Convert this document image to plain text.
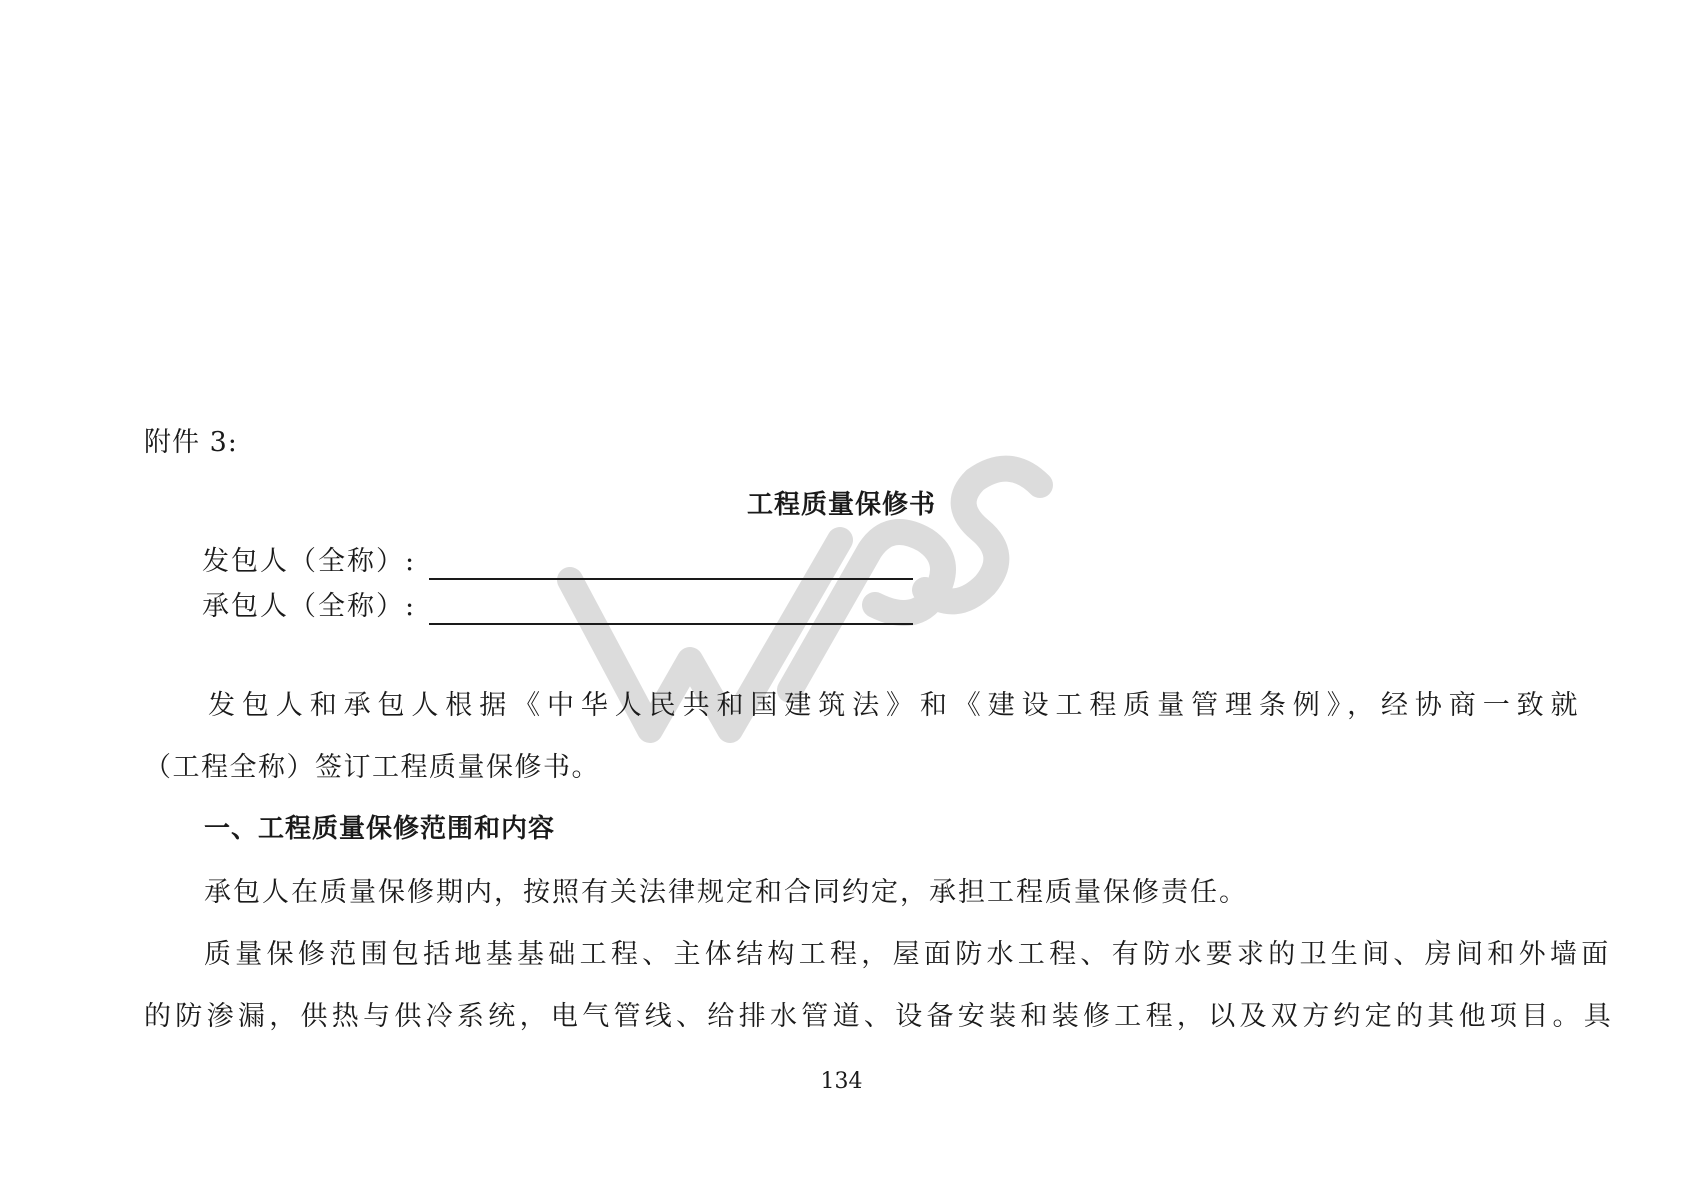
附件 3:
工程质量保修书
发包人（全称）:
承包人（全称）:
发包人和承包人根据《中华人民共和国建筑法》和《建设工程质量管理条例》，经协商一致就
（工程全称）签订工程质量保修书。
一、工程质量保修范围和内容
承包人在质量保修期内，按照有关法律规定和合同约定，承担工程质量保修责任。
质量保修范围包括地基基础工程、主体结构工程，屋面防水工程、有防水要求的卫生间、房间和外墙面
的防渗漏，供热与供冷系统，电气管线、给排水管道、设备安装和装修工程，以及双方约定的其他项目。具
134
